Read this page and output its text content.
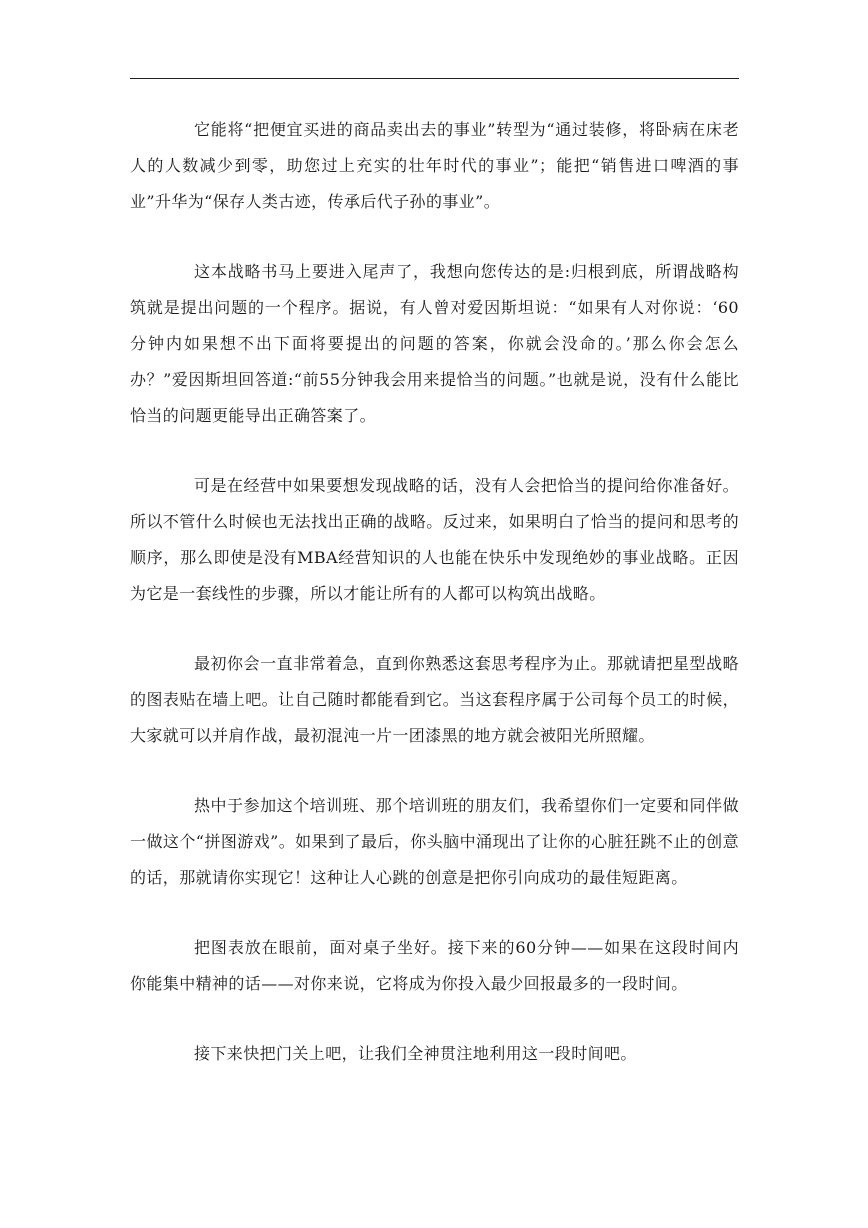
它能将“把便宜买进的商品卖出去的事业”转型为“通过装修，将卧病在床老人的人数减少到零，助您过上充实的壮年时代的事业”；能把“销售进口啤酒的事业”升华为“保存人类古迹，传承后代子孙的事业”。

这本战略书马上要进入尾声了，我想向您传达的是:归根到底，所谓战略构筑就是提出问题的一个程序。据说，有人曾对爱因斯坦说：“如果有人对你说：‘60分钟内如果想不出下面将要提出的问题的答案，你就会没命的。’那么你会怎么办？”爱因斯坦回答道:“前55分钟我会用来提恰当的问题。”也就是说，没有什么能比恰当的问题更能导出正确答案了。

可是在经营中如果要想发现战略的话，没有人会把恰当的提问给你准备好。所以不管什么时候也无法找出正确的战略。反过来，如果明白了恰当的提问和思考的顺序，那么即使是没有MBA经营知识的人也能在快乐中发现绝妙的事业战略。正因为它是一套线性的步骤，所以才能让所有的人都可以构筑出战略。

最初你会一直非常着急，直到你熟悉这套思考程序为止。那就请把星型战略的图表贴在墙上吧。让自己随时都能看到它。当这套程序属于公司每个员工的时候，大家就可以并肩作战，最初混沌一片一团漆黑的地方就会被阳光所照耀。

热中于参加这个培训班、那个培训班的朋友们，我希望你们一定要和同伴做一做这个“拼图游戏”。如果到了最后，你头脑中涌现出了让你的心脏狂跳不止的创意的话，那就请你实现它！这种让人心跳的创意是把你引向成功的最佳短距离。

把图表放在眼前，面对桌子坐好。接下来的60分钟——如果在这段时间内你能集中精神的话——对你来说，它将成为你投入最少回报最多的一段时间。

接下来快把门关上吧，让我们全神贯注地利用这一段时间吧。
